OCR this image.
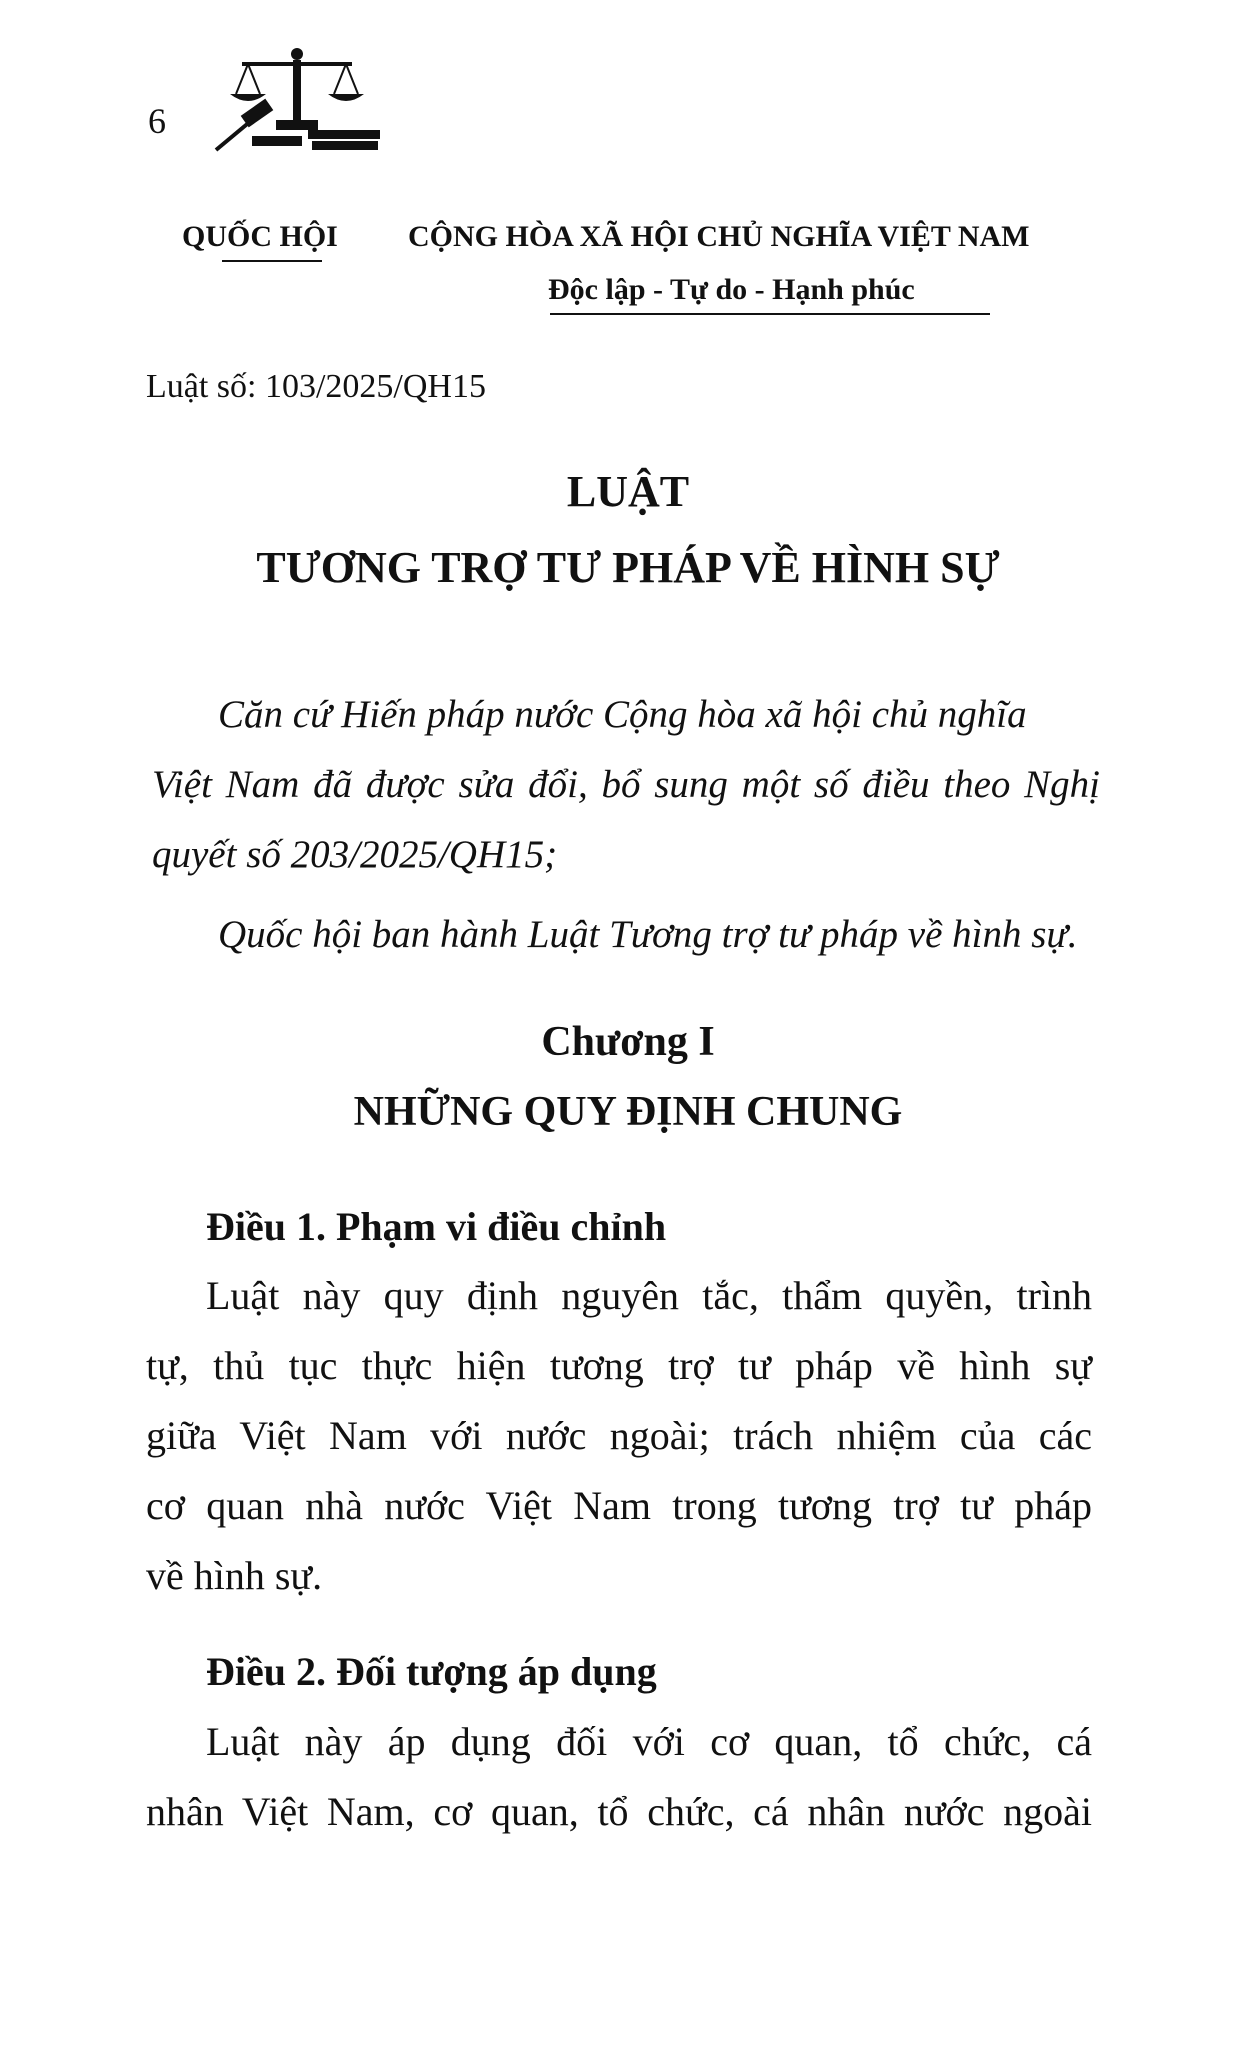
6
QUỐC HỘI CỘNG HÒA XÃ HỘI CHỦ NGHĨA VIỆT NAM
Độc lập - Tự do - Hạnh phúc
Luật số: 103/2025/QH15
LUẬT
TƯƠNG TRỢ TƯ PHÁP VỀ HÌNH SỰ
Căn cứ Hiến pháp nước Cộng hòa xã hội chủ nghĩa
Việt Nam đã được sửa đổi, bổ sung một số điều theo Nghị
quyết số 203/2025/QH15;
Quốc hội ban hành Luật Tương trợ tư pháp về hình sự.
Chương I
NHỮNG QUY ĐỊNH CHUNG
Điều 1. Phạm vi điều chỉnh
Luật này quy định nguyên tắc, thẩm quyền, trình
tự, thủ tục thực hiện tương trợ tư pháp về hình sự
giữa Việt Nam với nước ngoài; trách nhiệm của các
cơ quan nhà nước Việt Nam trong tương trợ tư pháp
về hình sự.
Điều 2. Đối tượng áp dụng
Luật này áp dụng đối với cơ quan, tổ chức, cá
nhân Việt Nam, cơ quan, tổ chức, cá nhân nước ngoài
